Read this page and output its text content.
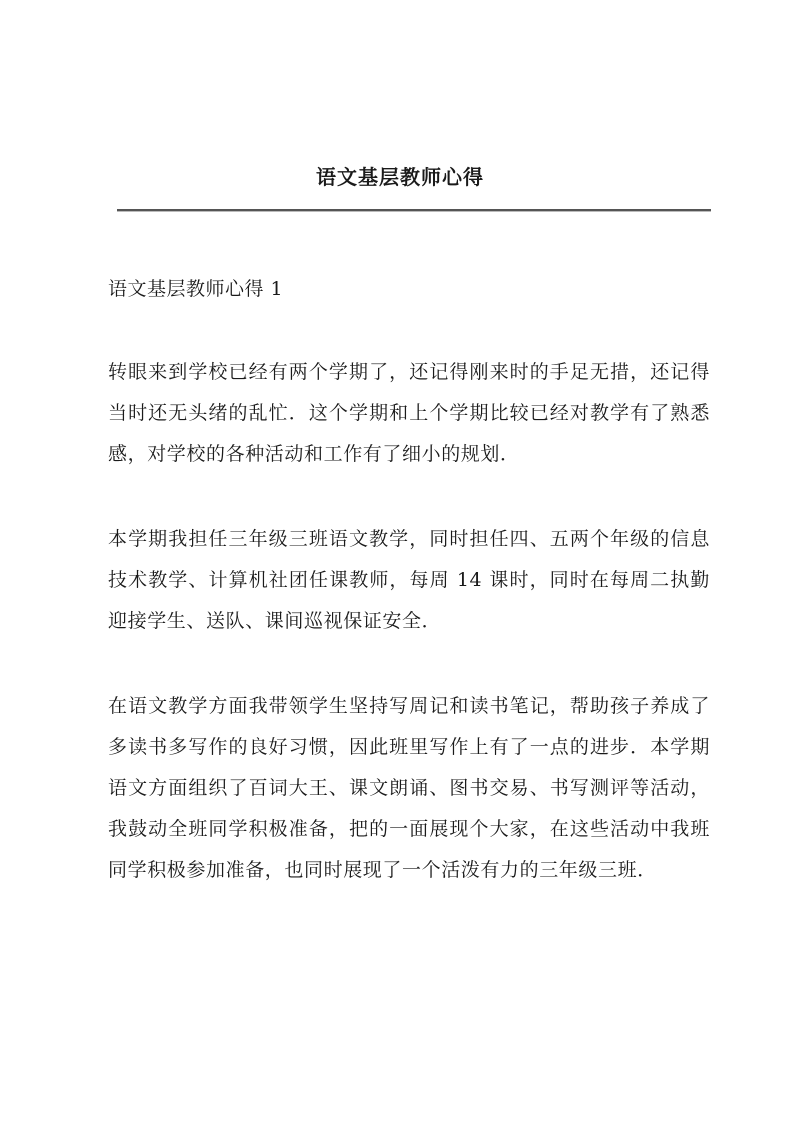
语文基层教师心得
语文基层教师心得 1

转眼来到学校已经有两个学期了，还记得刚来时的手足无措，还记得当时还无头绪的乱忙．这个学期和上个学期比较已经对教学有了熟悉感，对学校的各种活动和工作有了细小的规划．

本学期我担任三年级三班语文教学，同时担任四、五两个年级的信息技术教学、计算机社团任课教师，每周 14 课时，同时在每周二执勤迎接学生、送队、课间巡视保证安全．

在语文教学方面我带领学生坚持写周记和读书笔记，帮助孩子养成了多读书多写作的良好习惯，因此班里写作上有了一点的进步．本学期语文方面组织了百词大王、课文朗诵、图书交易、书写测评等活动，我鼓动全班同学积极准备，把的一面展现个大家，在这些活动中我班同学积极参加准备，也同时展现了一个活泼有力的三年级三班．
